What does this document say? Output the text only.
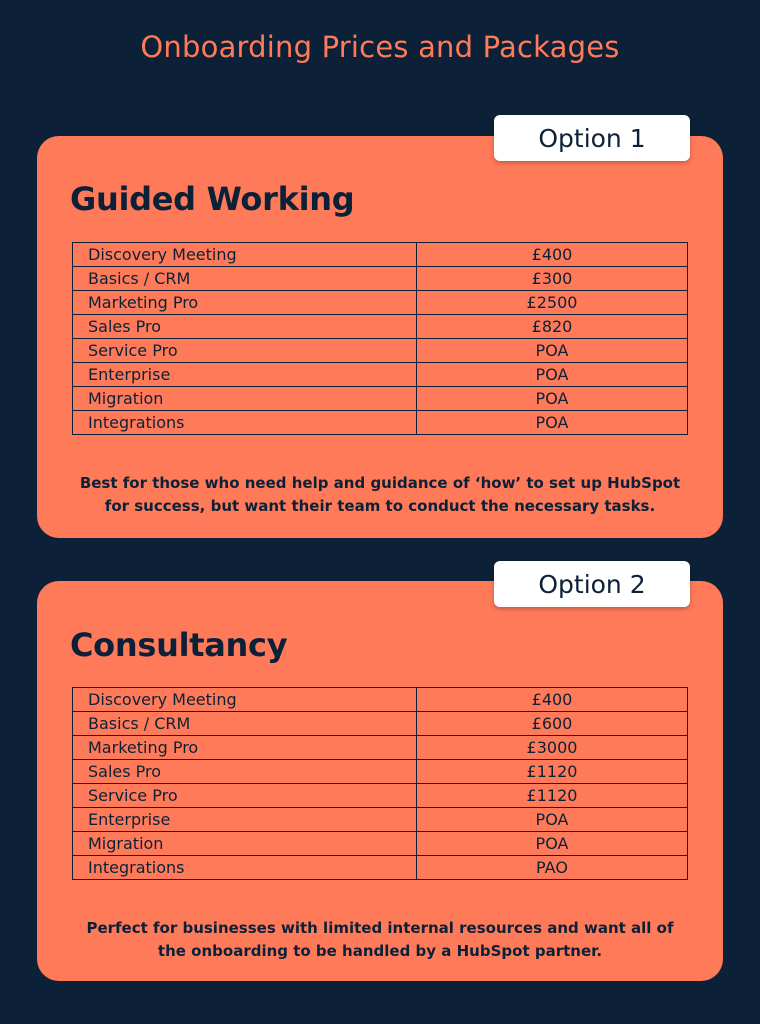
Onboarding Prices and Packages
Guided Working
Discovery Meeting	£400
Basics / CRM	£300
Marketing Pro	£2500
Sales Pro	£820
Service Pro	POA
Enterprise	POA
Migration	POA
Integrations	POA

Best for those who need help and guidance of ‘how’ to set up HubSpot
for success, but want their team to conduct the necessary tasks.

Option 1
Consultancy
Discovery Meeting	£400
Basics / CRM	£600
Marketing Pro	£3000
Sales Pro	£1120
Service Pro	£1120
Enterprise	POA
Migration	POA
Integrations	PAO

Perfect for businesses with limited internal resources and want all of
the onboarding to be handled by a HubSpot partner.

Option 2
